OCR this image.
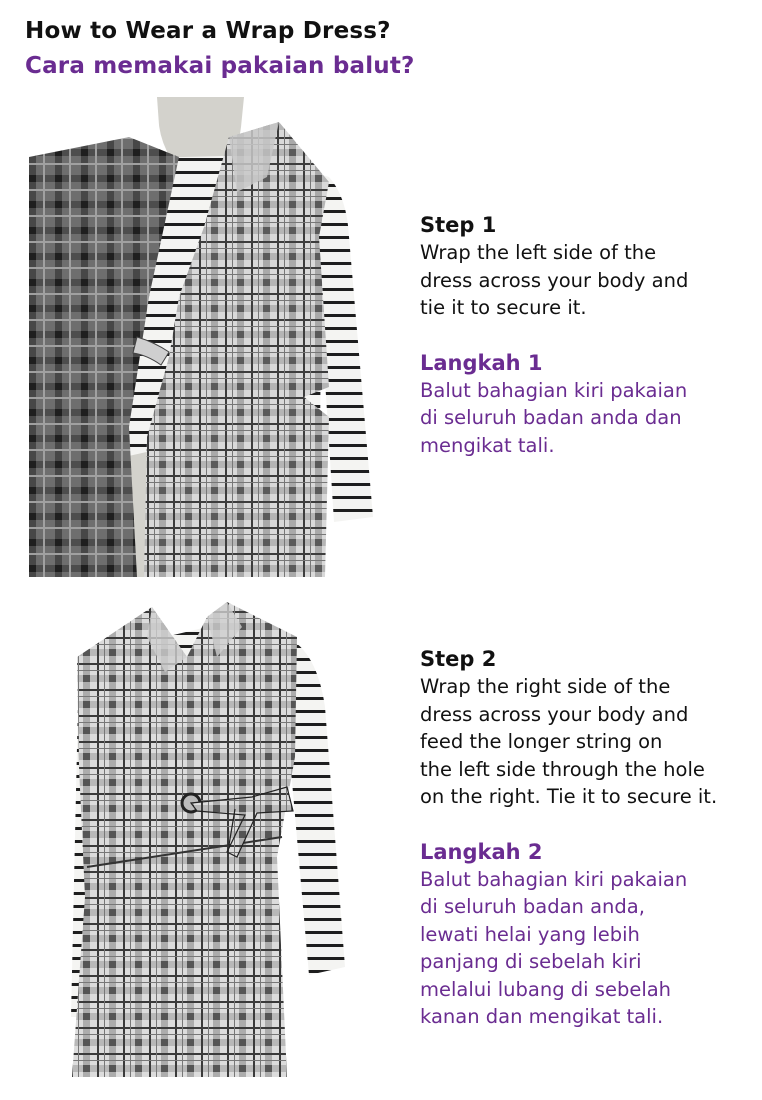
How to Wear a Wrap Dress?
Cara memakai pakaian balut?
Step 1
Wrap the left side of the
dress across your body and
tie it to secure it.
Langkah 1
Balut bahagian kiri pakaian
di seluruh badan anda dan
mengikat tali.
Step 2
Wrap the right side of the
dress across your body and
feed the longer string on
the left side through the hole
on the right. Tie it to secure it.
Langkah 2
Balut bahagian kiri pakaian
di seluruh badan anda,
lewati helai yang lebih
panjang di sebelah kiri
melalui lubang di sebelah
kanan dan mengikat tali.
